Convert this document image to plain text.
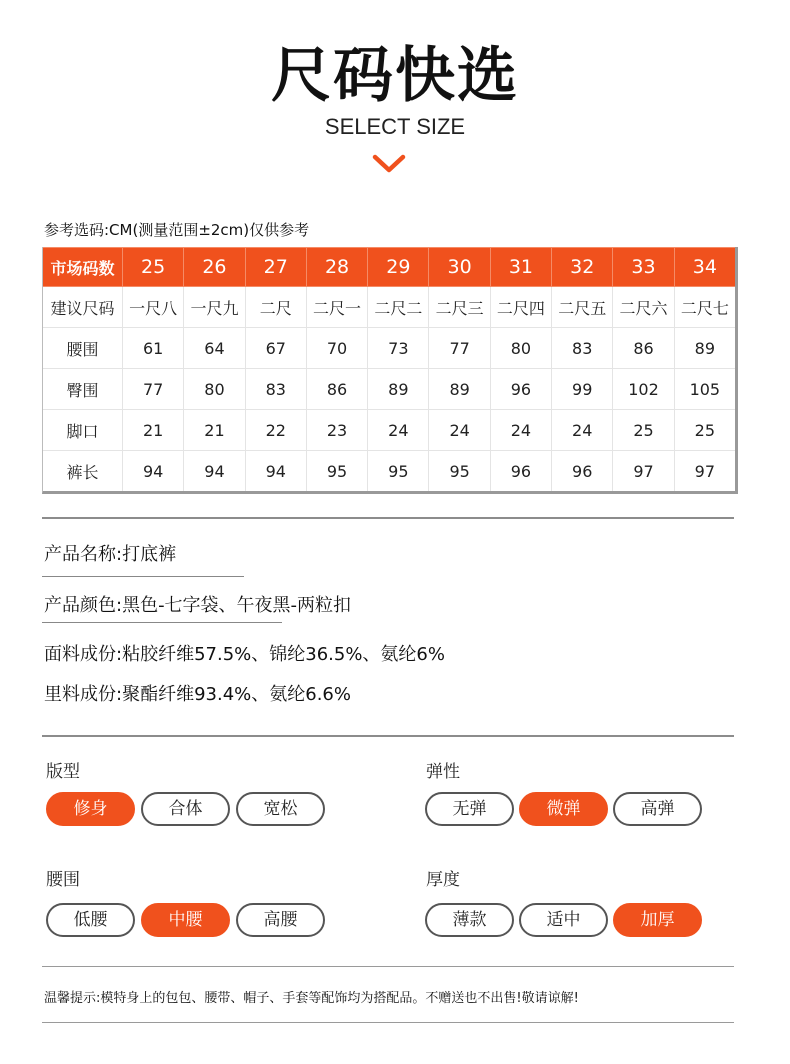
尺码快选
SELECT SIZE
参考选码:CM(测量范围±2cm)仅供参考
市场码数	25	26	27	28	29	30	31	32	33	34
建议尺码	一尺八	一尺九	二尺	二尺一	二尺二	二尺三	二尺四	二尺五	二尺六	二尺七
腰围	61	64	67	70	73	77	80	83	86	89
臀围	77	80	83	86	89	89	96	99	102	105
脚口	21	21	22	23	24	24	24	24	25	25
裤长	94	94	94	95	95	95	96	96	97	97
产品名称:打底裤
产品颜色:黑色-七字袋、午夜黑-两粒扣
面料成份:粘胶纤维57.5%、锦纶36.5%、氨纶6%
里料成份:聚酯纤维93.4%、氨纶6.6%
版型
修身	合体	宽松
弹性
无弹	微弹	高弹
腰围
低腰	中腰	高腰
厚度
薄款	适中	加厚
温馨提示:模特身上的包包、腰带、帽子、手套等配饰均为搭配品。不赠送也不出售!敬请谅解!
